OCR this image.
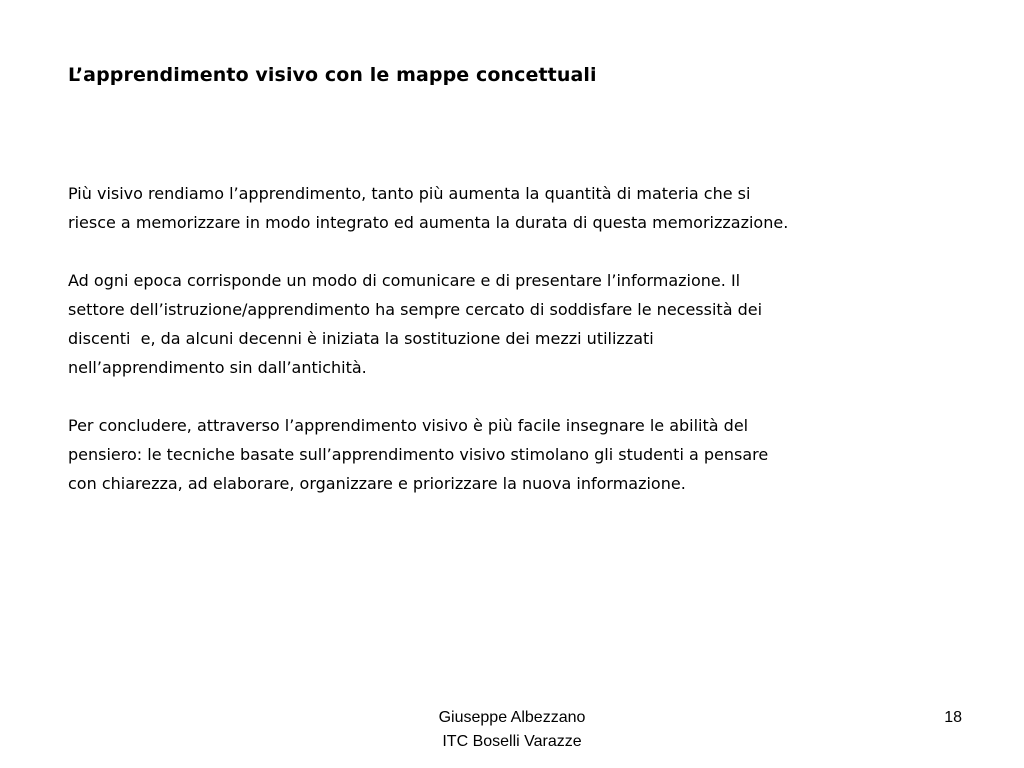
L’apprendimento visivo con le mappe concettuali

Più visivo rendiamo l’apprendimento, tanto più aumenta la quantità di materia che si
riesce a memorizzare in modo integrato ed aumenta la durata di questa memorizzazione.

Ad ogni epoca corrisponde un modo di comunicare e di presentare l’informazione. Il
settore dell’istruzione/apprendimento ha sempre cercato di soddisfare le necessità dei
discenti  e, da alcuni decenni è iniziata la sostituzione dei mezzi utilizzati
nell’apprendimento sin dall’antichità.

Per concludere, attraverso l’apprendimento visivo è più facile insegnare le abilità del
pensiero: le tecniche basate sull’apprendimento visivo stimolano gli studenti a pensare
con chiarezza, ad elaborare, organizzare e priorizzare la nuova informazione.

Giuseppe Albezzano
ITC Boselli Varazze
18
